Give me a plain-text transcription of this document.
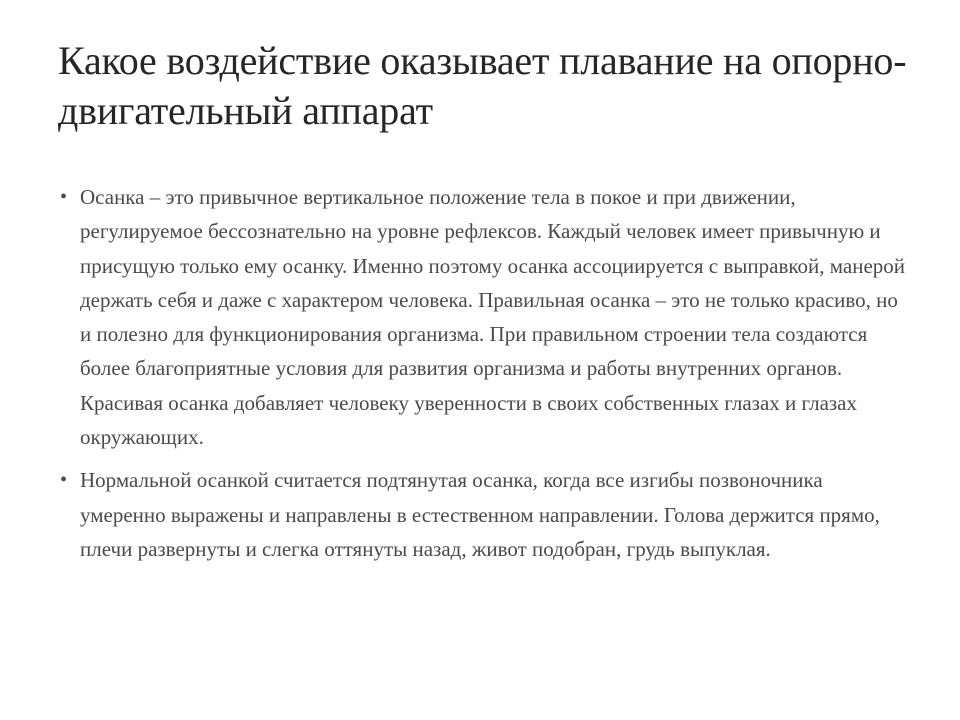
Какое воздействие оказывает плавание на опорно-двигательный аппарат
• Осанка – это привычное вертикальное положение тела в покое и при движении, регулируемое бессознательно на уровне рефлексов. Каждый человек имеет привычную и присущую только ему осанку. Именно поэтому осанка ассоциируется с выправкой, манерой держать себя и даже с характером человека. Правильная осанка – это не только красиво, но и полезно для функционирования организма. При правильном строении тела создаются более благоприятные условия для развития организма и работы внутренних органов. Красивая осанка добавляет человеку уверенности в своих собственных глазах и глазах окружающих.
• Нормальной осанкой считается подтянутая осанка, когда все изгибы позвоночника умеренно выражены и направлены в естественном направлении. Голова держится прямо, плечи развернуты и слегка оттянуты назад, живот подобран, грудь выпуклая.
